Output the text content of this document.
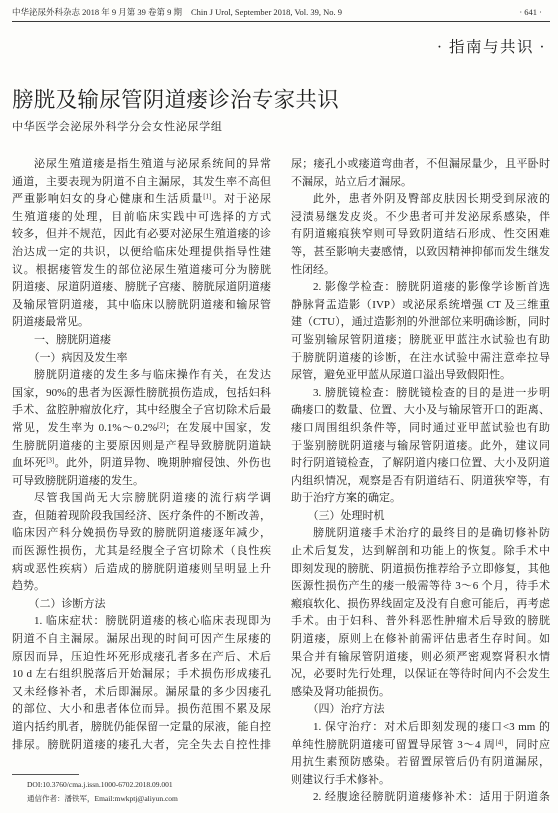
中华泌尿外科杂志 2018 年 9 月第 39 卷第 9 期 Chin J Urol, September 2018, Vol. 39, No. 9	· 641 ·
· 指南与共识 ·
膀胱及输尿管阴道瘘诊治专家共识
中华医学会泌尿外科学分会女性泌尿学组
泌尿生殖道瘘是指生殖道与泌尿系统间的异常
通道，主要表现为阴道不自主漏尿，其发生率不高但
严重影响妇女的身心健康和生活质量[1]。对于泌尿
生殖道瘘的处理，目前临床实践中可选择的方式
较多，但并不规范，因此有必要对泌尿生殖道瘘的诊
治达成一定的共识，以便给临床处理提供指导性建
议。根据瘘管发生的部位泌尿生殖道瘘可分为膀胱
阴道瘘、尿道阴道瘘、膀胱子宫瘘、膀胱尿道阴道瘘
及输尿管阴道瘘，其中临床以膀胱阴道瘘和输尿管
阴道瘘最常见。
一、膀胱阴道瘘
（一）病因及发生率
膀胱阴道瘘的发生多与临床操作有关，在发达
国家，90%的患者为医源性膀胱损伤造成，包括妇科
手术、盆腔肿瘤放化疗，其中经腹全子宫切除术后最
常见，发生率为 0.1%～0.2%[2]；在发展中国家，发
生膀胱阴道瘘的主要原因则是产程导致膀胱阴道缺
血坏死[3]。此外，阴道异物、晚期肿瘤侵蚀、外伤也
可导致膀胱阴道瘘的发生。
尽管我国尚无大宗膀胱阴道瘘的流行病学调
查，但随着现阶段我国经济、医疗条件的不断改善，
临床因产科分娩损伤导致的膀胱阴道瘘逐年减少，
而医源性损伤，尤其是经腹全子宫切除术（良性疾
病或恶性疾病）后造成的膀胱阴道瘘则呈明显上升
趋势。
（二）诊断方法
1. 临床症状：膀胱阴道瘘的核心临床表现即为
阴道不自主漏尿。漏尿出现的时间可因产生尿瘘的
原因而异，压迫性坏死形成瘘孔者多在产后、术后
10 d 左右组织脱落后开始漏尿；手术损伤形成瘘孔
又未经修补者，术后即漏尿。漏尿量的多少因瘘孔
的部位、大小和患者体位而异。损伤范围不累及尿
道内括约肌者，膀胱仍能保留一定量的尿液，能自控
排尿。膀胱阴道瘘的瘘孔大者，完全失去自控性排
尿；瘘孔小或瘘道弯曲者，不但漏尿量少，且平卧时
不漏尿，站立后才漏尿。
此外，患者外阴及臀部皮肤因长期受到尿液的
浸渍易继发皮炎。不少患者可并发泌尿系感染，伴
有阴道瘢痕狭窄则可导致阴道结石形成、性交困难
等，甚至影响夫妻感情，以致因精神抑郁而发生继发
性闭经。
2. 影像学检查：膀胱阴道瘘的影像学诊断首选
静脉肾盂造影（IVP）或泌尿系统增强 CT 及三维重
建（CTU），通过造影剂的外泄部位来明确诊断，同时
可鉴别输尿管阴道瘘；膀胱亚甲蓝注水试验也有助
于膀胱阴道瘘的诊断，在注水试验中需注意牵拉导
尿管，避免亚甲蓝从尿道口溢出导致假阳性。
3. 膀胱镜检查：膀胱镜检查的目的是进一步明
确瘘口的数量、位置、大小及与输尿管开口的距离、
瘘口周围组织条件等，同时通过亚甲蓝试验也有助
于鉴别膀胱阴道瘘与输尿管阴道瘘。此外，建议同
时行阴道镜检查，了解阴道内瘘口位置、大小及阴道
内组织情况，观察是否有阴道结石、阴道狭窄等，有
助于治疗方案的确定。
（三）处理时机
膀胱阴道瘘手术治疗的最终目的是确切修补防
止术后复发，达到解剖和功能上的恢复。除手术中
即刻发现的膀胱、阴道损伤推荐给予立即修复，其他
医源性损伤产生的瘘一般需等待 3～6 个月，待手术
瘢痕软化、损伤界线固定及没有自愈可能后，再考虑
手术。由于妇科、普外科恶性肿瘤术后导致的膀胱
阴道瘘，原则上在修补前需评估患者生存时间。如
果合并有输尿管阴道瘘，则必须严密观察肾积水情
况，必要时先行处理，以保证在等待时间内不会发生
感染及肾功能损伤。
（四）治疗方法
1. 保守治疗：对术后即刻发现的瘘口<3 mm 的
单纯性膀胱阴道瘘可留置导尿管 3～4 周[4]，同时应
用抗生素预防感染。若留置尿管后仍有阴道漏尿，
则建议行手术修补。
2. 经腹途径膀胱阴道瘘修补术：适用于阴道条
DOI:10.3760/cma.j.issn.1000-6702.2018.09.001
通信作者：潘铁军，Email:mwkptj@aliyun.com
